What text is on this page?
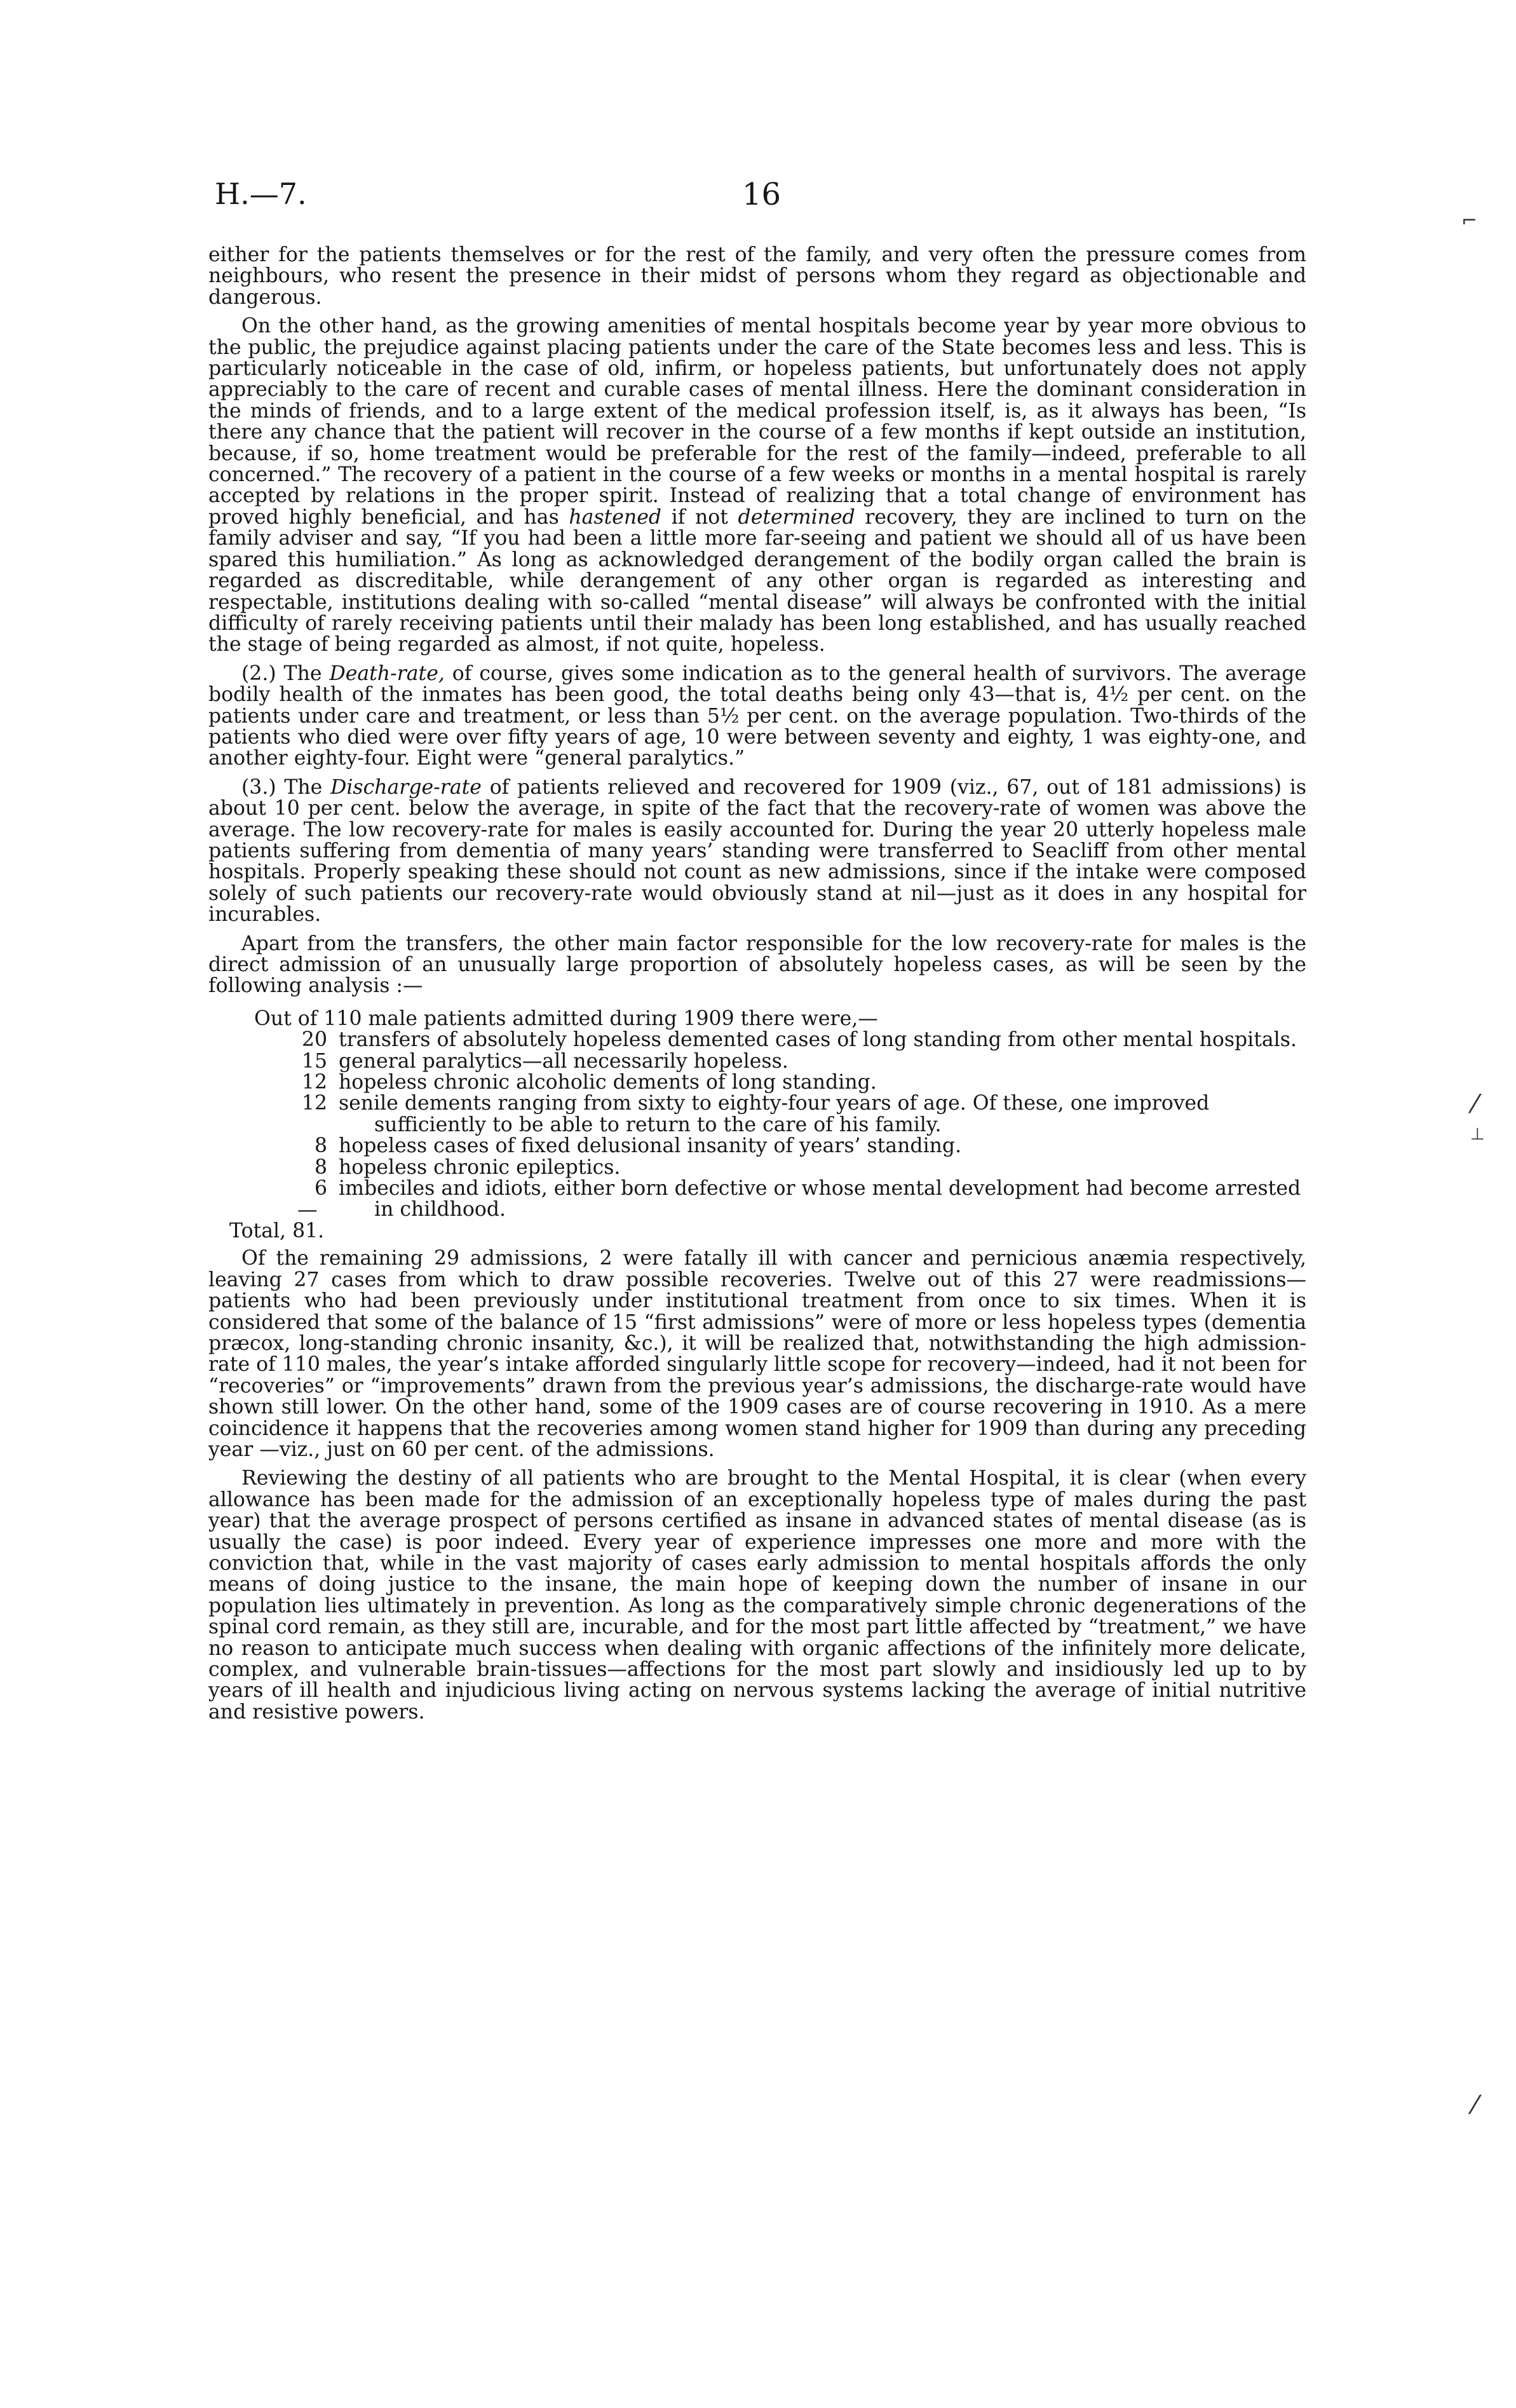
H.—7.	16
⌐
⁄
⊥
⁄

either for the patients themselves or for the rest of the family, and very often the pressure comes from neighbours, who resent the presence in their midst of persons whom they regard as objectionable and dangerous.

On the other hand, as the growing amenities of mental hospitals become year by year more obvious to the public, the prejudice against placing patients under the care of the State becomes less and less. This is particularly noticeable in the case of old, infirm, or hopeless patients, but unfortunately does not apply appreciably to the care of recent and curable cases of mental illness. Here the dominant consideration in the minds of friends, and to a large extent of the medical profession itself, is, as it always has been, “Is there any chance that the patient will recover in the course of a few months if kept outside an institution, because, if so, home treatment would be preferable for the rest of the family—indeed, preferable to all concerned.” The recovery of a patient in the course of a few weeks or months in a mental hospital is rarely accepted by relations in the proper spirit. Instead of realizing that a total change of environment has proved highly beneficial, and has hastened if not determined recovery, they are inclined to turn on the family adviser and say, “If you had been a little more far-seeing and patient we should all of us have been spared this humiliation.” As long as acknowledged derangement of the bodily organ called the brain is regarded as discreditable, while derangement of any other organ is regarded as interesting and respectable, institutions dealing with so-called “mental disease” will always be confronted with the initial difficulty of rarely receiving patients until their malady has been long established, and has usually reached the stage of being regarded as almost, if not quite, hopeless.

(2.) The Death-rate, of course, gives some indication as to the general health of survivors. The average bodily health of the inmates has been good, the total deaths being only 43—that is, 4½ per cent. on the patients under care and treatment, or less than 5½ per cent. on the average population. Two-thirds of the patients who died were over fifty years of age, 10 were between seventy and eighty, 1 was eighty-one, and another eighty-four. Eight were “general paralytics.”

(3.) The Discharge-rate of patients relieved and recovered for 1909 (viz., 67, out of 181 admissions) is about 10 per cent. below the average, in spite of the fact that the recovery-rate of women was above the average. The low recovery-rate for males is easily accounted for. During the year 20 utterly hopeless male patients suffering from dementia of many years’ standing were transferred to Seacliff from other mental hospitals. Properly speaking these should not count as new admissions, since if the intake were composed solely of such patients our recovery-rate would obviously stand at nil—just as it does in any hospital for incurables.

Apart from the transfers, the other main factor responsible for the low recovery-rate for males is the direct admission of an unusually large proportion of absolutely hopeless cases, as will be seen by the following analysis :—

Out of 110 male patients admitted during 1909 there were,—
20 transfers of absolutely hopeless demented cases of long standing from other mental hospitals.
15 general paralytics—all necessarily hopeless.
12 hopeless chronic alcoholic dements of long standing.
12 senile dements ranging from sixty to eighty-four years of age. Of these, one improved sufficiently to be able to return to the care of his family.
8 hopeless cases of fixed delusional insanity of years’ standing.
8 hopeless chronic epileptics.
6
—
imbeciles and idiots, either born defective or whose mental development had become arrested in childhood.
Total, 81.

Of the remaining 29 admissions, 2 were fatally ill with cancer and pernicious anæmia respectively, leaving 27 cases from which to draw possible recoveries. Twelve out of this 27 were readmissions—patients who had been previously under institutional treatment from once to six times. When it is considered that some of the balance of 15 “first admissions” were of more or less hopeless types (dementia præcox, long-standing chronic insanity, &c.), it will be realized that, notwithstanding the high admission-rate of 110 males, the year’s intake afforded singularly little scope for recovery—indeed, had it not been for “recoveries” or “improvements” drawn from the previous year’s admissions, the discharge-rate would have shown still lower. On the other hand, some of the 1909 cases are of course recovering in 1910. As a mere coincidence it happens that the recoveries among women stand higher for 1909 than during any preceding year —viz., just on 60 per cent. of the admissions.

Reviewing the destiny of all patients who are brought to the Mental Hospital, it is clear (when every allowance has been made for the admission of an exceptionally hopeless type of males during the past year) that the average prospect of persons certified as insane in advanced states of mental disease (as is usually the case) is poor indeed. Every year of experience impresses one more and more with the conviction that, while in the vast majority of cases early admission to mental hospitals affords the only means of doing justice to the insane, the main hope of keeping down the number of insane in our population lies ultimately in prevention. As long as the comparatively simple chronic degenerations of the spinal cord remain, as they still are, incurable, and for the most part little affected by “treatment,” we have no reason to anticipate much success when dealing with organic affections of the infinitely more delicate, complex, and vulnerable brain-tissues—affections for the most part slowly and insidiously led up to by years of ill health and injudicious living acting on nervous systems lacking the average of initial nutritive and resistive powers.
